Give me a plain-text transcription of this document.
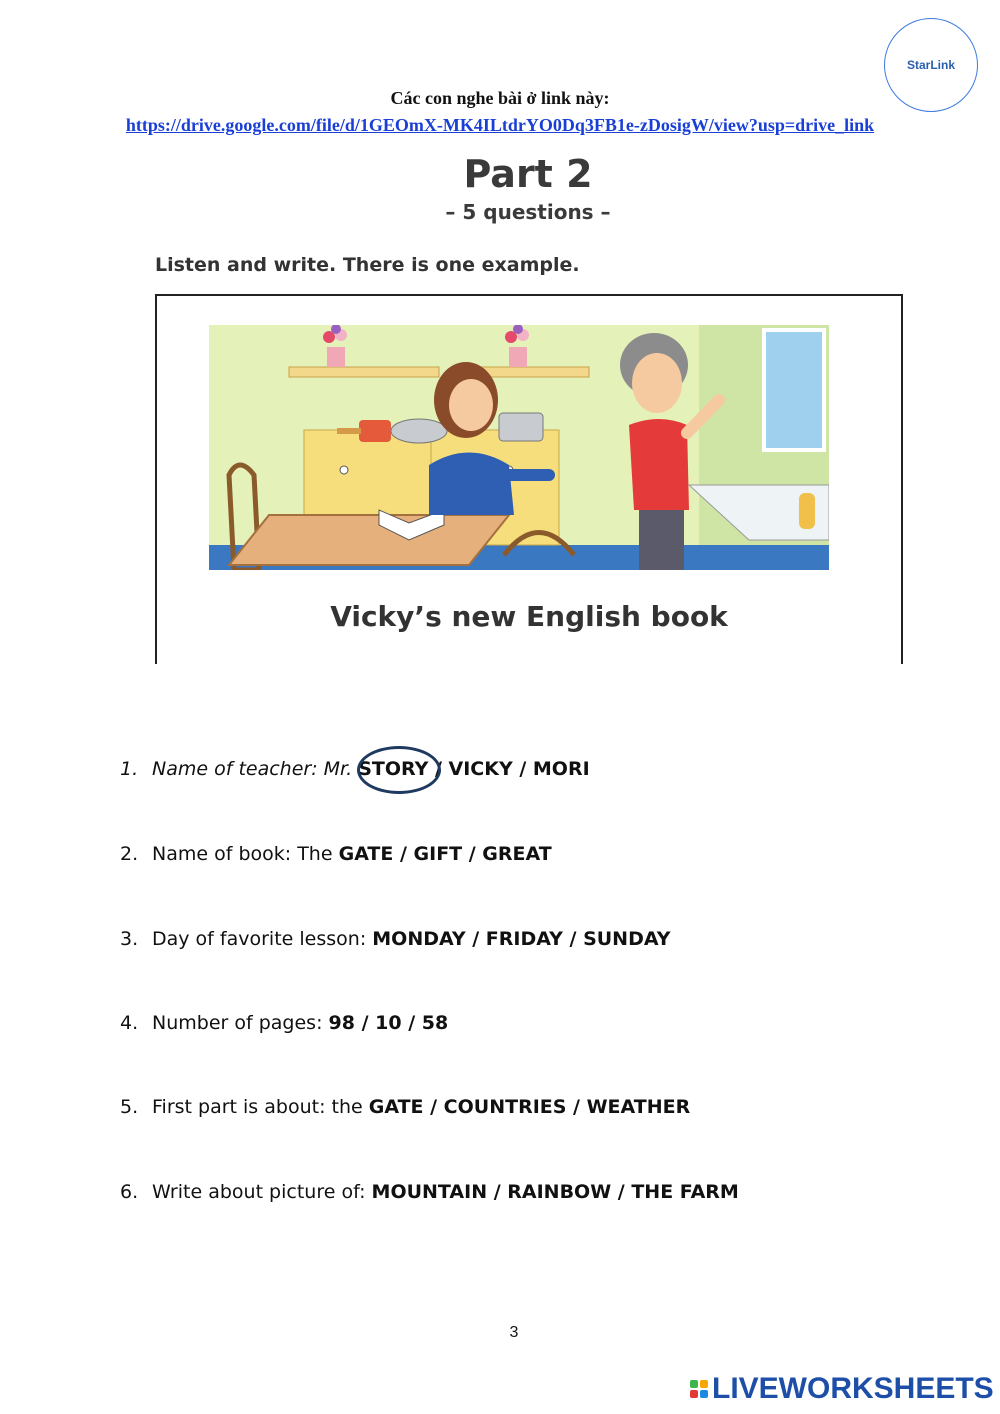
StarLink
Các con nghe bài ở link này:
https://drive.google.com/file/d/1GEOmX-MK4ILtdrYO0Dq3FB1e-zDosigW/view?usp=drive_link
Part 2
– 5 questions –
Listen and write. There is one example.
Vicky’s new English book
1. Name of teacher: Mr. STORY / VICKY / MORI
2. Name of book: The GATE / GIFT / GREAT
3. Day of favorite lesson: MONDAY / FRIDAY / SUNDAY
4. Number of pages: 98 / 10 / 58
5. First part is about: the GATE / COUNTRIES / WEATHER
6. Write about picture of: MOUNTAIN / RAINBOW / THE FARM
3
LIVEWORKSHEETS
